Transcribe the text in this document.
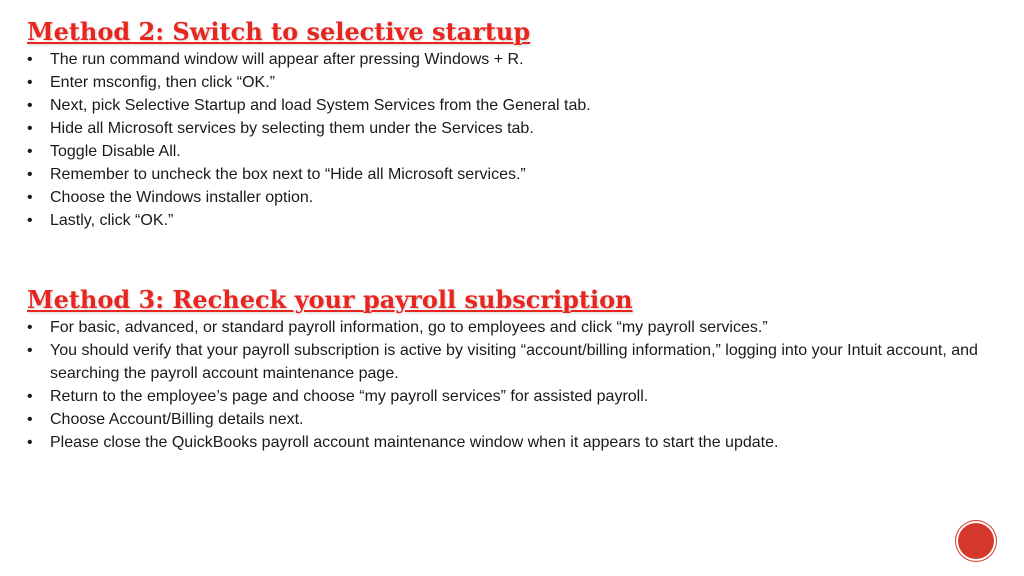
Method 2: Switch to selective startup
• The run command window will appear after pressing Windows + R.
• Enter msconfig, then click “OK.”
• Next, pick Selective Startup and load System Services from the General tab.
• Hide all Microsoft services by selecting them under the Services tab.
• Toggle Disable All.
• Remember to uncheck the box next to “Hide all Microsoft services.”
• Choose the Windows installer option.
• Lastly, click “OK.”
Method 3: Recheck your payroll subscription
• For basic, advanced, or standard payroll information, go to employees and click “my payroll services.”
• You should verify that your payroll subscription is active by visiting “account/billing information,” logging into your Intuit account, and searching the payroll account maintenance page.
• Return to the employee’s page and choose “my payroll services” for assisted payroll.
• Choose Account/Billing details next.
• Please close the QuickBooks payroll account maintenance window when it appears to start the update.
